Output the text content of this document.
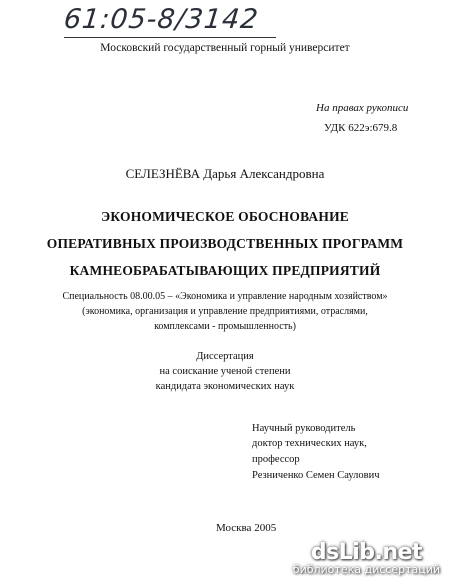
61:05-8/3142
Московский государственный горный университет
На правах рукописи
УДК 622э:679.8
СЕЛЕЗНЁВА Дарья Александровна
ЭКОНОМИЧЕСКОЕ ОБОСНОВАНИЕ
ОПЕРАТИВНЫХ ПРОИЗВОДСТВЕННЫХ ПРОГРАММ
КАМНЕОБРАБАТЫВАЮЩИХ ПРЕДПРИЯТИЙ
Специальность 08.00.05 – «Экономика и управление народным хозяйством»
(экономика, организация и управление предприятиями, отраслями,
комплексами - промышленность)
Диссертация
на соискание ученой степени
кандидата экономических наук
Научный руководитель
доктор технических наук,
профессор
Резниченко Семен Саулович
Москва 2005
dsLib.net
библиотека диссертаций
